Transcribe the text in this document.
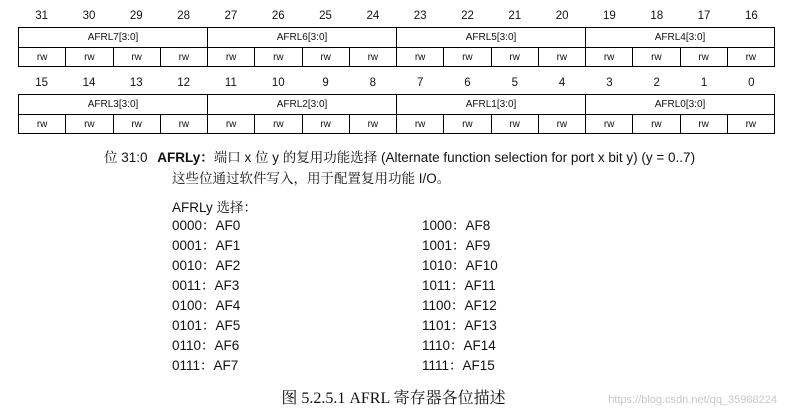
31	30	29	28	27	26	25	24	23	22	21	20	19	18	17	16
AFRL7[3:0]				AFRL6[3:0]				AFRL5[3:0]				AFRL4[3:0]			
rw	rw	rw	rw	rw	rw	rw	rw	rw	rw	rw	rw	rw	rw	rw	rw
15	14	13	12	11	10	9	8	7	6	5	4	3	2	1	0
AFRL3[3:0]				AFRL2[3:0]				AFRL1[3:0]				AFRL0[3:0]			
rw	rw	rw	rw	rw	rw	rw	rw	rw	rw	rw	rw	rw	rw	rw	rw
位 31:0 AFRLy：端口 x 位 y 的复用功能选择 (Alternate function selection for port x bit y) (y = 0..7)
这些位通过软件写入，用于配置复用功能 I/O。
AFRLy 选择：
0000：AF0
0001：AF1
0010：AF2
0011：AF3
0100：AF4
0101：AF5
0110：AF6
0111：AF7
1000：AF8
1001：AF9
1010：AF10
1011：AF11
1100：AF12
1101：AF13
1110：AF14
1111：AF15
图 5.2.5.1 AFRL 寄存器各位描述	https://blog.csdn.net/qq_35988224
